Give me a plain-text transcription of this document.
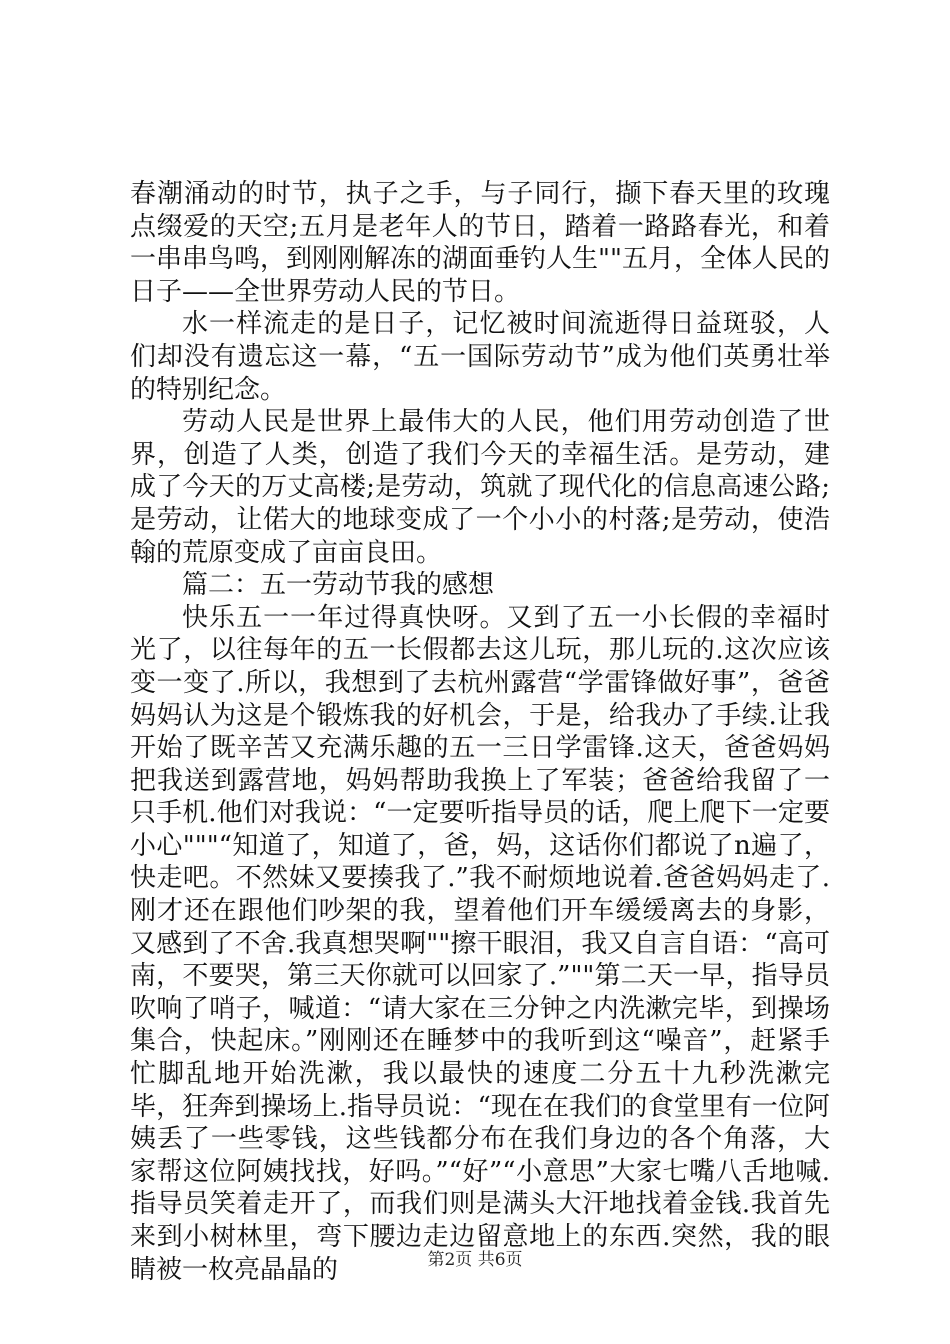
春潮涌动的时节，执子之手，与子同行，撷下春天里的玫瑰点缀爱的天空;五月是老年人的节日，踏着一路路春光，和着一串串鸟鸣，到刚刚解冻的湖面垂钓人生""五月，全体人民的日子——全世界劳动人民的节日。

水一样流走的是日子，记忆被时间流逝得日益斑驳，人们却没有遗忘这一幕，“五一国际劳动节”成为他们英勇壮举的特别纪念。

劳动人民是世界上最伟大的人民，他们用劳动创造了世界，创造了人类，创造了我们今天的幸福生活。是劳动，建成了今天的万丈高楼;是劳动，筑就了现代化的信息高速公路;是劳动，让偌大的地球变成了一个小小的村落;是劳动，使浩翰的荒原变成了亩亩良田。

篇二：五一劳动节我的感想

快乐五一一年过得真快呀。又到了五一小长假的幸福时光了，以往每年的五一长假都去这儿玩，那儿玩的.这次应该变一变了.所以，我想到了去杭州露营“学雷锋做好事”，爸爸妈妈认为这是个锻炼我的好机会，于是，给我办了手续.让我开始了既辛苦又充满乐趣的五一三日学雷锋.这天，爸爸妈妈把我送到露营地，妈妈帮助我换上了军装；爸爸给我留了一只手机.他们对我说：“一定要听指导员的话，爬上爬下一定要小心"""“知道了，知道了，爸，妈，这话你们都说了n遍了，快走吧。不然妹又要揍我了.”我不耐烦地说着.爸爸妈妈走了.刚才还在跟他们吵架的我，望着他们开车缓缓离去的身影，又感到了不舍.我真想哭啊""擦干眼泪，我又自言自语：“高可南，不要哭，第三天你就可以回家了.”""第二天一早，指导员吹响了哨子，喊道：“请大家在三分钟之内洗漱完毕，到操场集合，快起床。”刚刚还在睡梦中的我听到这“噪音”，赶紧手忙脚乱地开始洗漱，我以最快的速度二分五十九秒洗漱完毕，狂奔到操场上.指导员说：“现在在我们的食堂里有一位阿姨丢了一些零钱，这些钱都分布在我们身边的各个角落，大家帮这位阿姨找找，好吗。”“好”“小意思”大家七嘴八舌地喊.指导员笑着走开了，而我们则是满头大汗地找着金钱.我首先来到小树林里，弯下腰边走边留意地上的东西.突然，我的眼睛被一枚亮晶晶的	第2页 共6页
